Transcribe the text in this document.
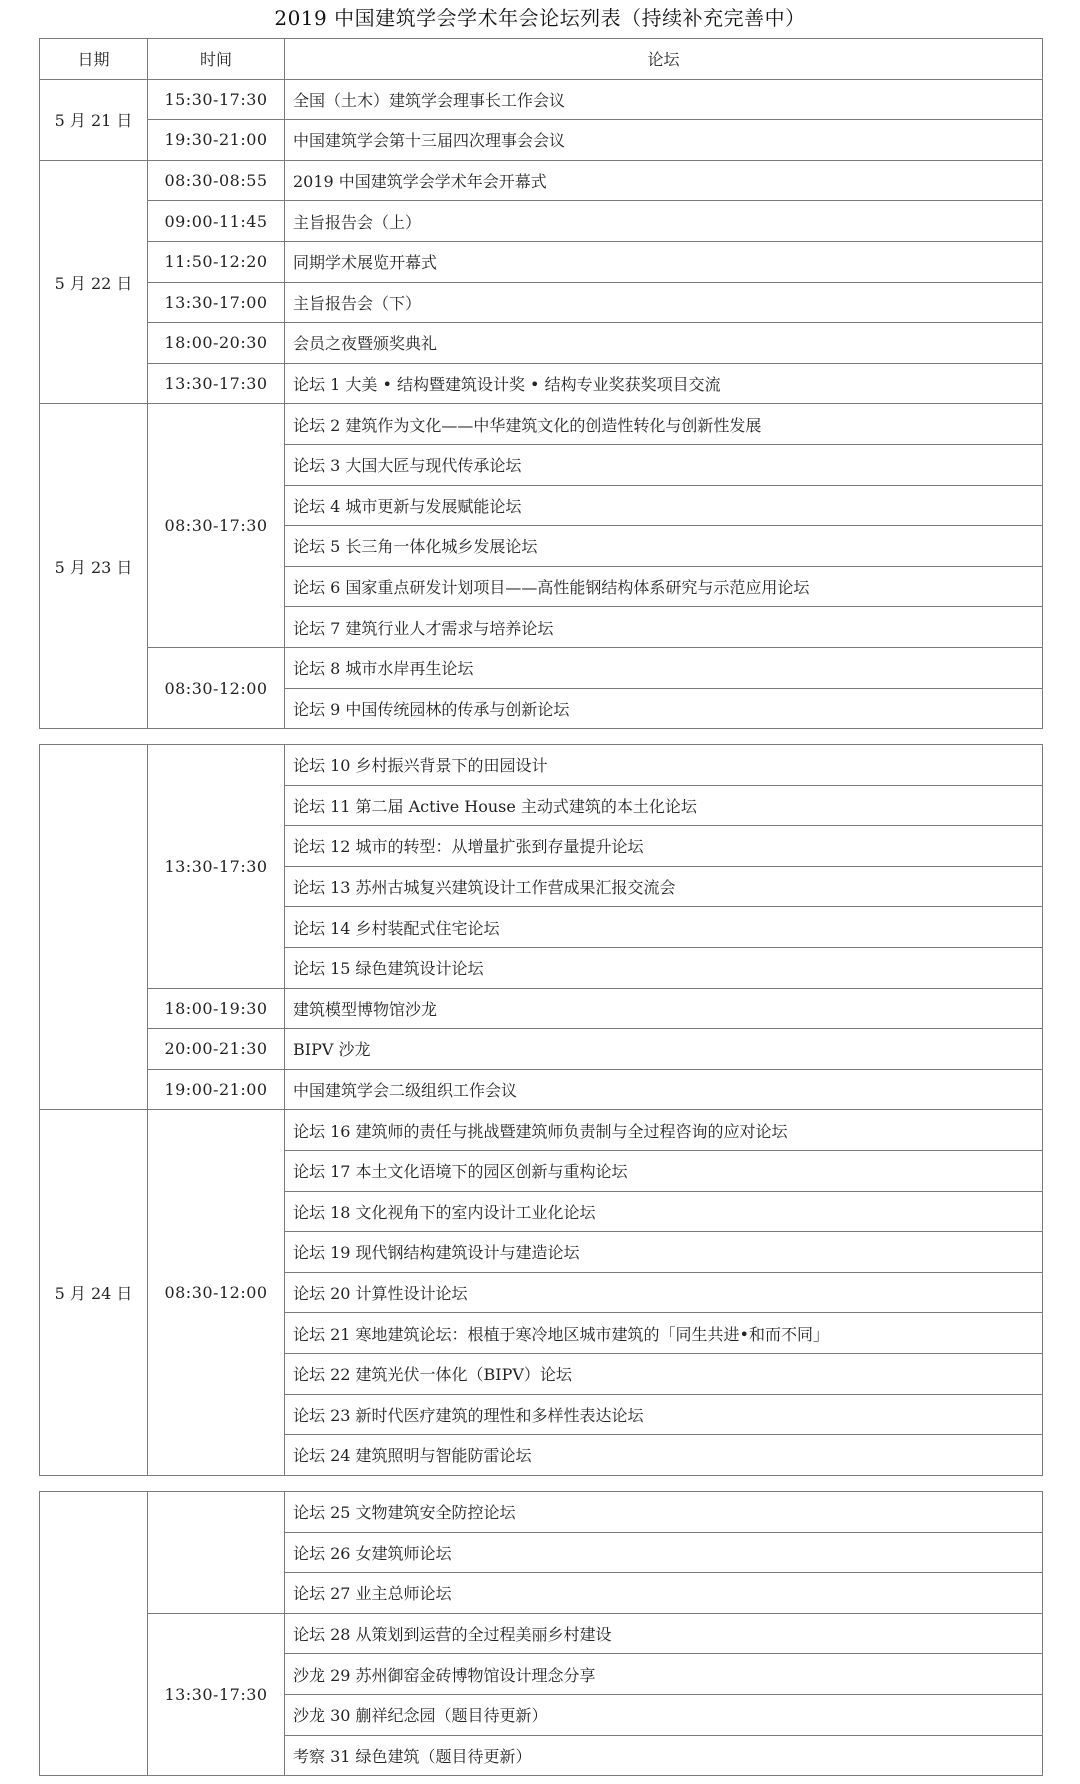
2019 中国建筑学会学术年会论坛列表（持续补充完善中）
日期	时间	论坛
5 月 21 日	15:30-17:30	全国（土木）建筑学会理事长工作会议
	19:30-21:00	中国建筑学会第十三届四次理事会会议
5 月 22 日	08:30-08:55	2019 中国建筑学会学术年会开幕式
	09:00-11:45	主旨报告会（上）
	11:50-12:20	同期学术展览开幕式
	13:30-17:00	主旨报告会（下）
	18:00-20:30	会员之夜暨颁奖典礼
	13:30-17:30	论坛 1 大美 • 结构暨建筑设计奖 • 结构专业奖获奖项目交流
5 月 23 日	08:30-17:30	论坛 2 建筑作为文化——中华建筑文化的创造性转化与创新性发展
		论坛 3 大国大匠与现代传承论坛
		论坛 4 城市更新与发展赋能论坛
		论坛 5 长三角一体化城乡发展论坛
		论坛 6 国家重点研发计划项目——高性能钢结构体系研究与示范应用论坛
		论坛 7 建筑行业人才需求与培养论坛
	08:30-12:00	论坛 8 城市水岸再生论坛
		论坛 9 中国传统园林的传承与创新论坛
	13:30-17:30	论坛 10 乡村振兴背景下的田园设计
		论坛 11 第二届 Active House 主动式建筑的本土化论坛
		论坛 12 城市的转型：从增量扩张到存量提升论坛
		论坛 13 苏州古城复兴建筑设计工作营成果汇报交流会
		论坛 14 乡村装配式住宅论坛
		论坛 15 绿色建筑设计论坛
	18:00-19:30	建筑模型博物馆沙龙
	20:00-21:30	BIPV 沙龙
	19:00-21:00	中国建筑学会二级组织工作会议
5 月 24 日	08:30-12:00	论坛 16 建筑师的责任与挑战暨建筑师负责制与全过程咨询的应对论坛
		论坛 17 本土文化语境下的园区创新与重构论坛
		论坛 18 文化视角下的室内设计工业化论坛
		论坛 19 现代钢结构建筑设计与建造论坛
		论坛 20 计算性设计论坛
		论坛 21 寒地建筑论坛：根植于寒冷地区城市建筑的「同生共进•和而不同」
		论坛 22 建筑光伏一体化（BIPV）论坛
		论坛 23 新时代医疗建筑的理性和多样性表达论坛
		论坛 24 建筑照明与智能防雷论坛
		论坛 25 文物建筑安全防控论坛
		论坛 26 女建筑师论坛
		论坛 27 业主总师论坛
	13:30-17:30	论坛 28 从策划到运营的全过程美丽乡村建设
		沙龙 29 苏州御窑金砖博物馆设计理念分享
		沙龙 30 蒯祥纪念园（题目待更新）
		考察 31 绿色建筑（题目待更新）
